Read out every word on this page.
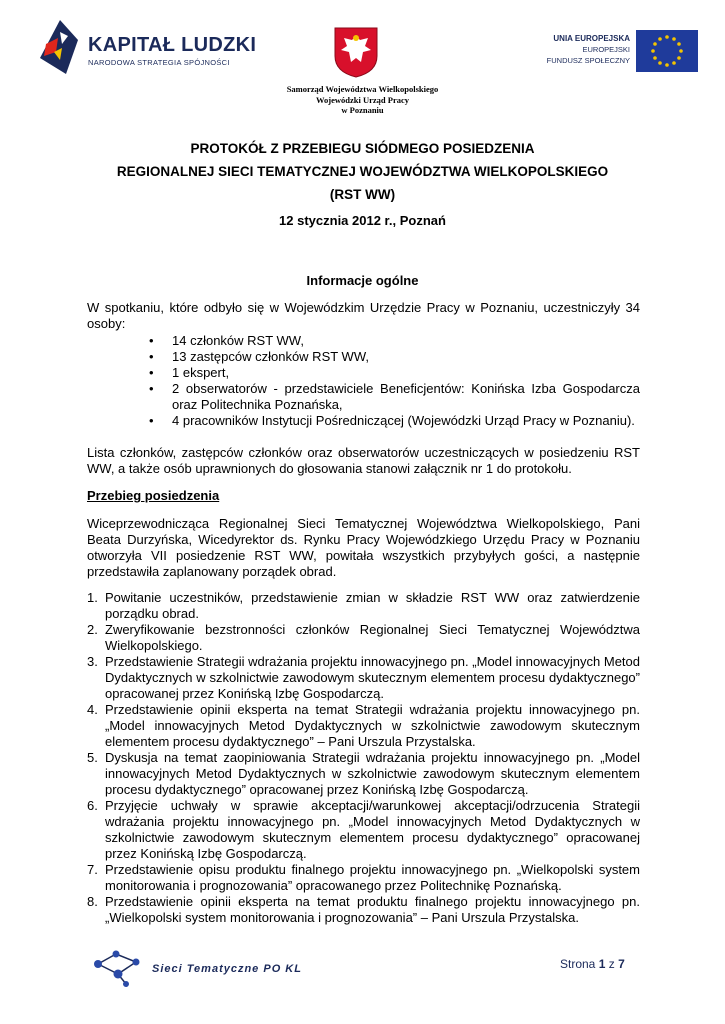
KAPITAŁ LUDZKI
NARODOWA STRATEGIA SPÓJNOŚCI
UNIA EUROPEJSKA
EUROPEJSKI
FUNDUSZ SPOŁECZNY
Samorząd Województwa Wielkopolskiego
Wojewódzki Urząd Pracy
w Poznaniu
PROTOKÓŁ Z PRZEBIEGU SIÓDMEGO POSIEDZENIA
REGIONALNEJ SIECI TEMATYCZNEJ WOJEWÓDZTWA WIELKOPOLSKIEGO
(RST WW)
12 stycznia 2012 r., Poznań
Informacje ogólne
W spotkaniu, które odbyło się w Wojewódzkim Urzędzie Pracy w Poznaniu, uczestniczyły 34 osoby:
• 14 członków RST WW,
• 13 zastępców członków RST WW,
• 1 ekspert,
• 2 obserwatorów - przedstawiciele Beneficjentów: Konińska Izba Gospodarcza oraz Politechnika Poznańska,
• 4 pracowników Instytucji Pośredniczącej (Wojewódzki Urząd Pracy w Poznaniu).
Lista członków, zastępców członków oraz obserwatorów uczestniczących w posiedzeniu RST WW, a także osób uprawnionych do głosowania stanowi załącznik nr 1 do protokołu.
Przebieg posiedzenia
Wiceprzewodnicząca Regionalnej Sieci Tematycznej Województwa Wielkopolskiego, Pani Beata Durzyńska, Wicedyrektor ds. Rynku Pracy Wojewódzkiego Urzędu Pracy w Poznaniu otworzyła VII posiedzenie RST WW, powitała wszystkich przybyłych gości, a następnie przedstawiła zaplanowany porządek obrad.
1. Powitanie uczestników, przedstawienie zmian w składzie RST WW oraz zatwierdzenie porządku obrad.
2. Zweryfikowanie bezstronności członków Regionalnej Sieci Tematycznej Województwa Wielkopolskiego.
3. Przedstawienie Strategii wdrażania projektu innowacyjnego pn. „Model innowacyjnych Metod Dydaktycznych w szkolnictwie zawodowym skutecznym elementem procesu dydaktycznego” opracowanej przez Konińską Izbę Gospodarczą.
4. Przedstawienie opinii eksperta na temat Strategii wdrażania projektu innowacyjnego pn. „Model innowacyjnych Metod Dydaktycznych w szkolnictwie zawodowym skutecznym elementem procesu dydaktycznego” – Pani Urszula Przystalska.
5. Dyskusja na temat zaopiniowania Strategii wdrażania projektu innowacyjnego pn. „Model innowacyjnych Metod Dydaktycznych w szkolnictwie zawodowym skutecznym elementem procesu dydaktycznego” opracowanej przez Konińską Izbę Gospodarczą.
6. Przyjęcie uchwały w sprawie akceptacji/warunkowej akceptacji/odrzucenia Strategii wdrażania projektu innowacyjnego pn. „Model innowacyjnych Metod Dydaktycznych w szkolnictwie zawodowym skutecznym elementem procesu dydaktycznego” opracowanej przez Konińską Izbę Gospodarczą.
7. Przedstawienie opisu produktu finalnego projektu innowacyjnego pn. „Wielkopolski system monitorowania i prognozowania” opracowanego przez Politechnikę Poznańską.
8. Przedstawienie opinii eksperta na temat produktu finalnego projektu innowacyjnego pn. „Wielkopolski system monitorowania i prognozowania” – Pani Urszula Przystalska.
Sieci Tematyczne PO KL	Strona 1 z 7
